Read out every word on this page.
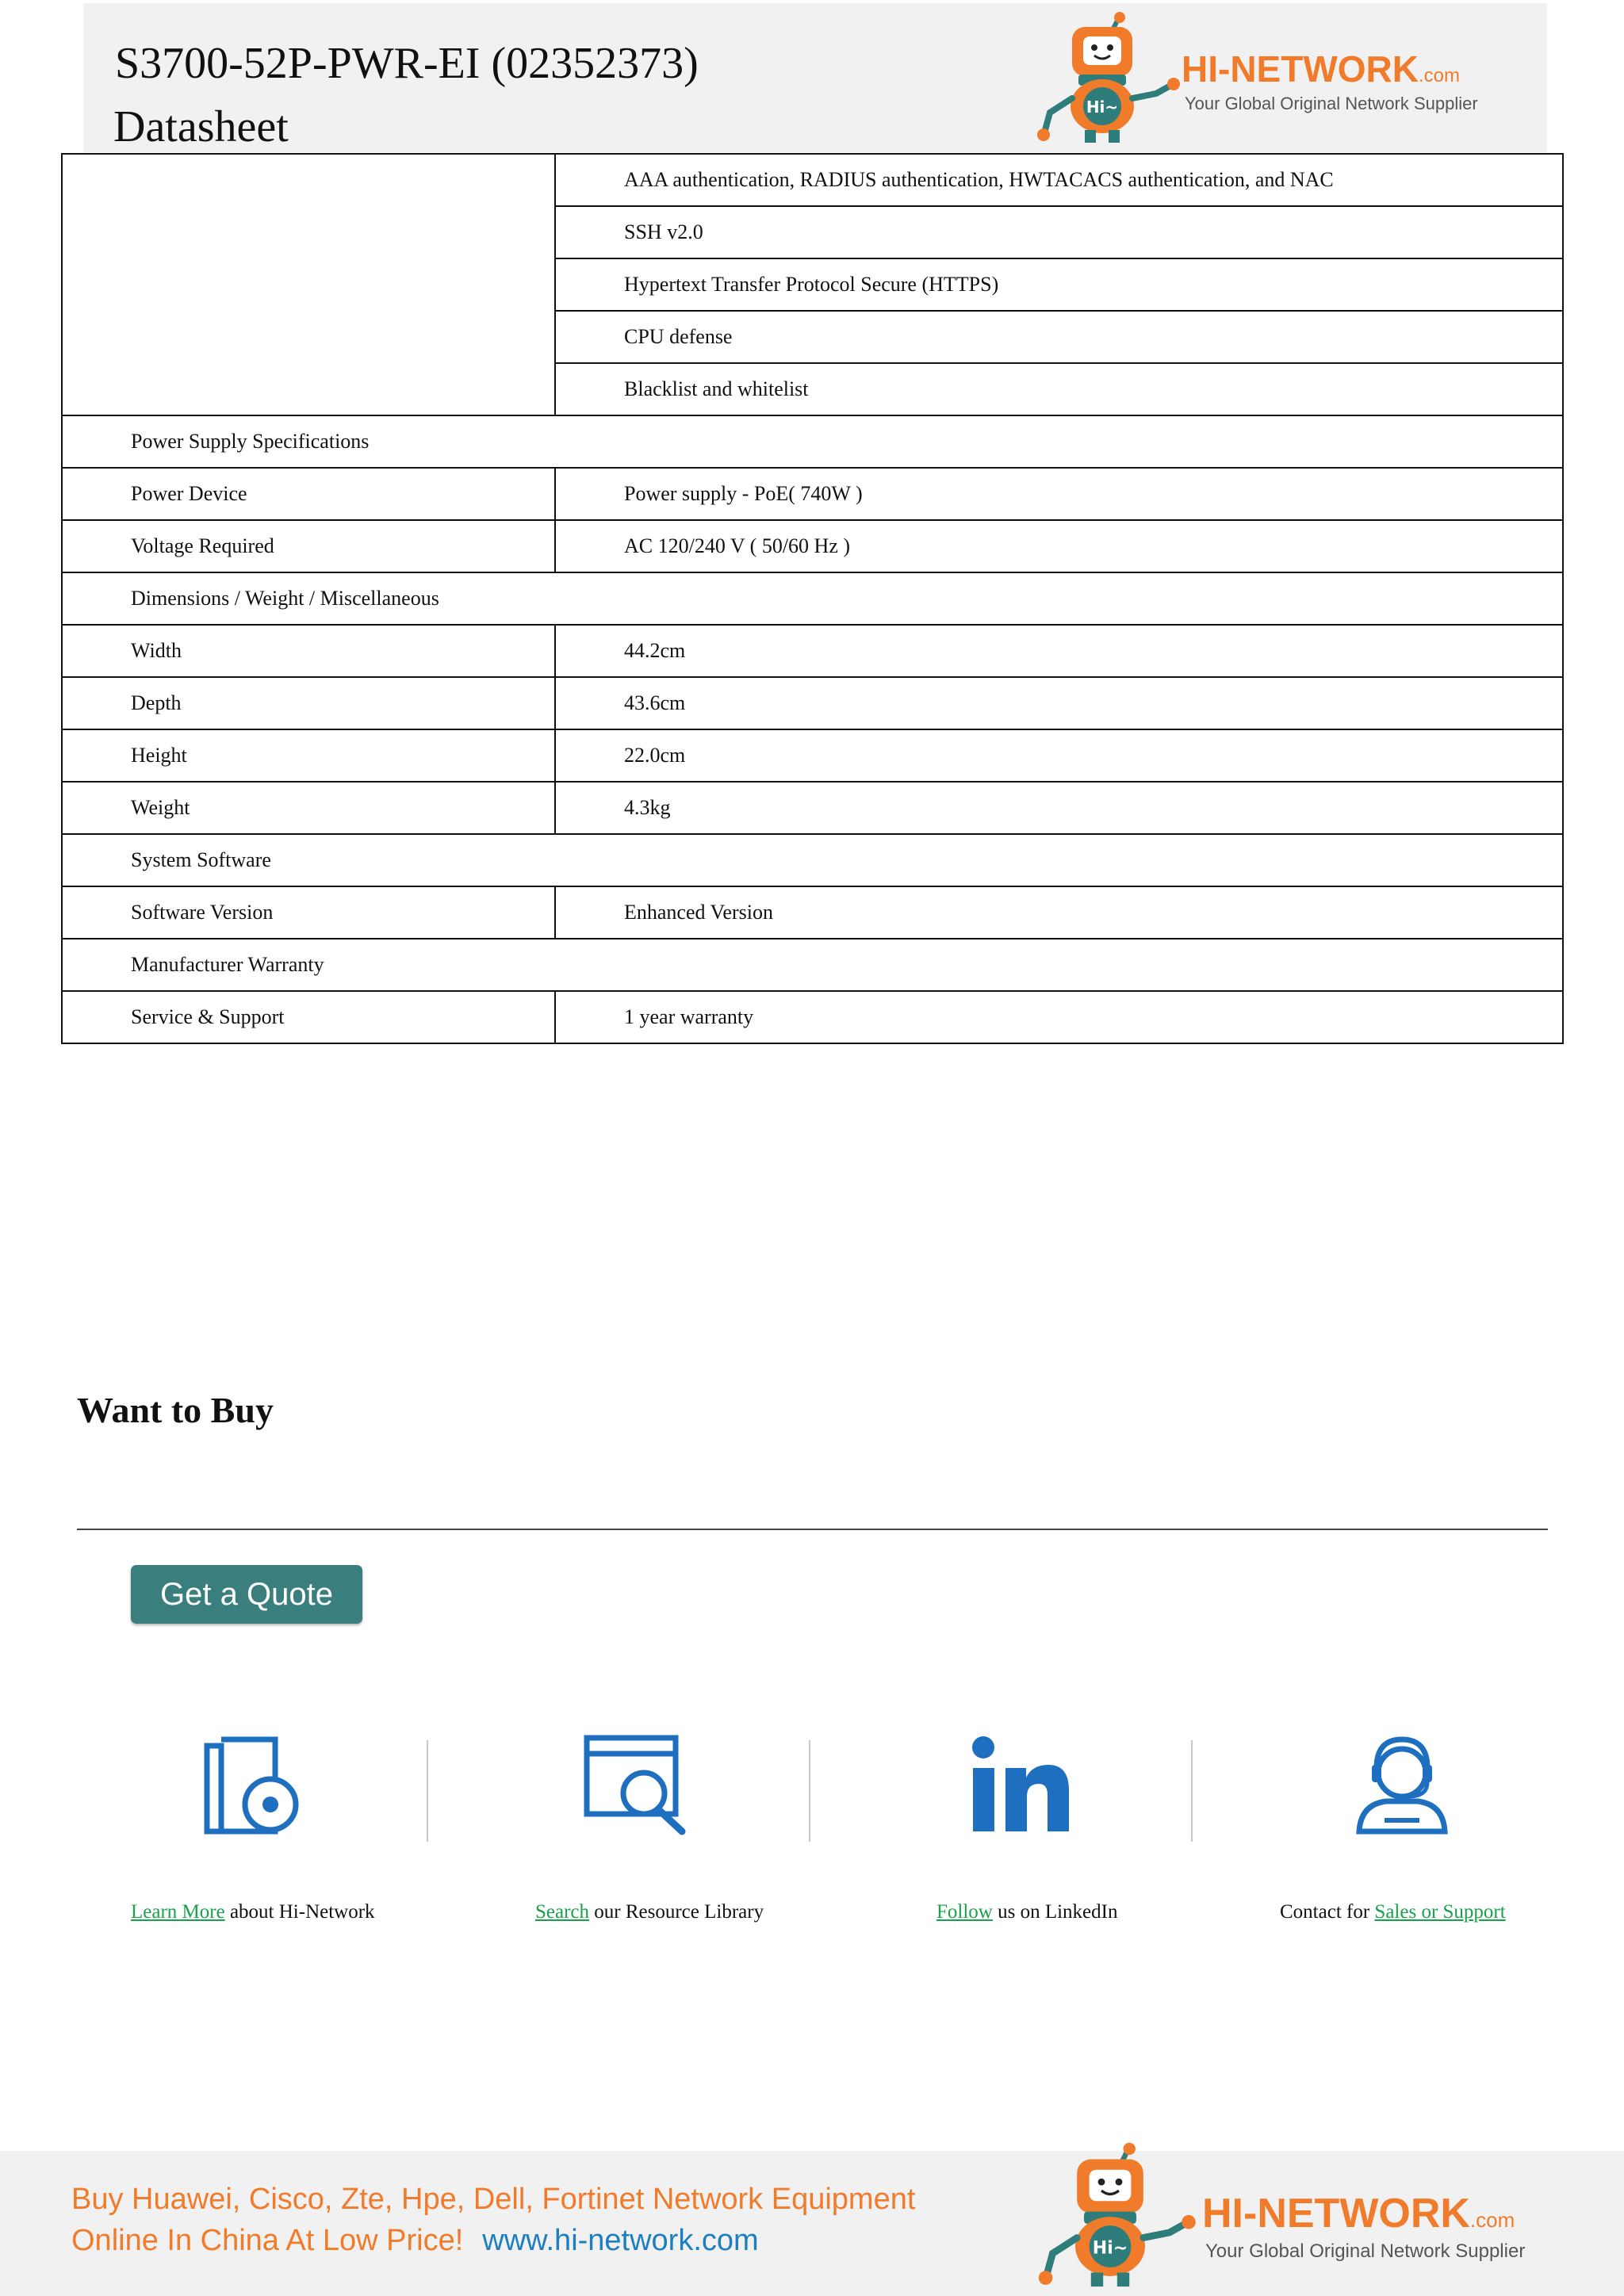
S3700-52P-PWR-EI (02352373)
Datasheet	Hi~
HI-NETWORK.com
Your Global Original Network Supplier
	AAA authentication, RADIUS authentication, HWTACACS authentication, and NAC
	SSH v2.0
	Hypertext Transfer Protocol Secure (HTTPS)
	CPU defense
	Blacklist and whitelist
Power Supply Specifications	
Power Device	Power supply - PoE( 740W )
Voltage Required	AC 120/240 V ( 50/60 Hz )
Dimensions / Weight / Miscellaneous	
Width	44.2cm
Depth	43.6cm
Height	22.0cm
Weight	4.3kg
System Software	
Software Version	Enhanced Version
Manufacturer Warranty	
Service & Support	1 year warranty
Want to Buy
Get a Quote
Learn More about Hi-Network	Search our Resource Library	Follow us on LinkedIn	Contact for Sales or Support
Buy Huawei, Cisco, Zte, Hpe, Dell, Fortinet Network Equipment
Online In China At Low Price! www.hi-network.com	Hi~
HI-NETWORK.com
Your Global Original Network Supplier
